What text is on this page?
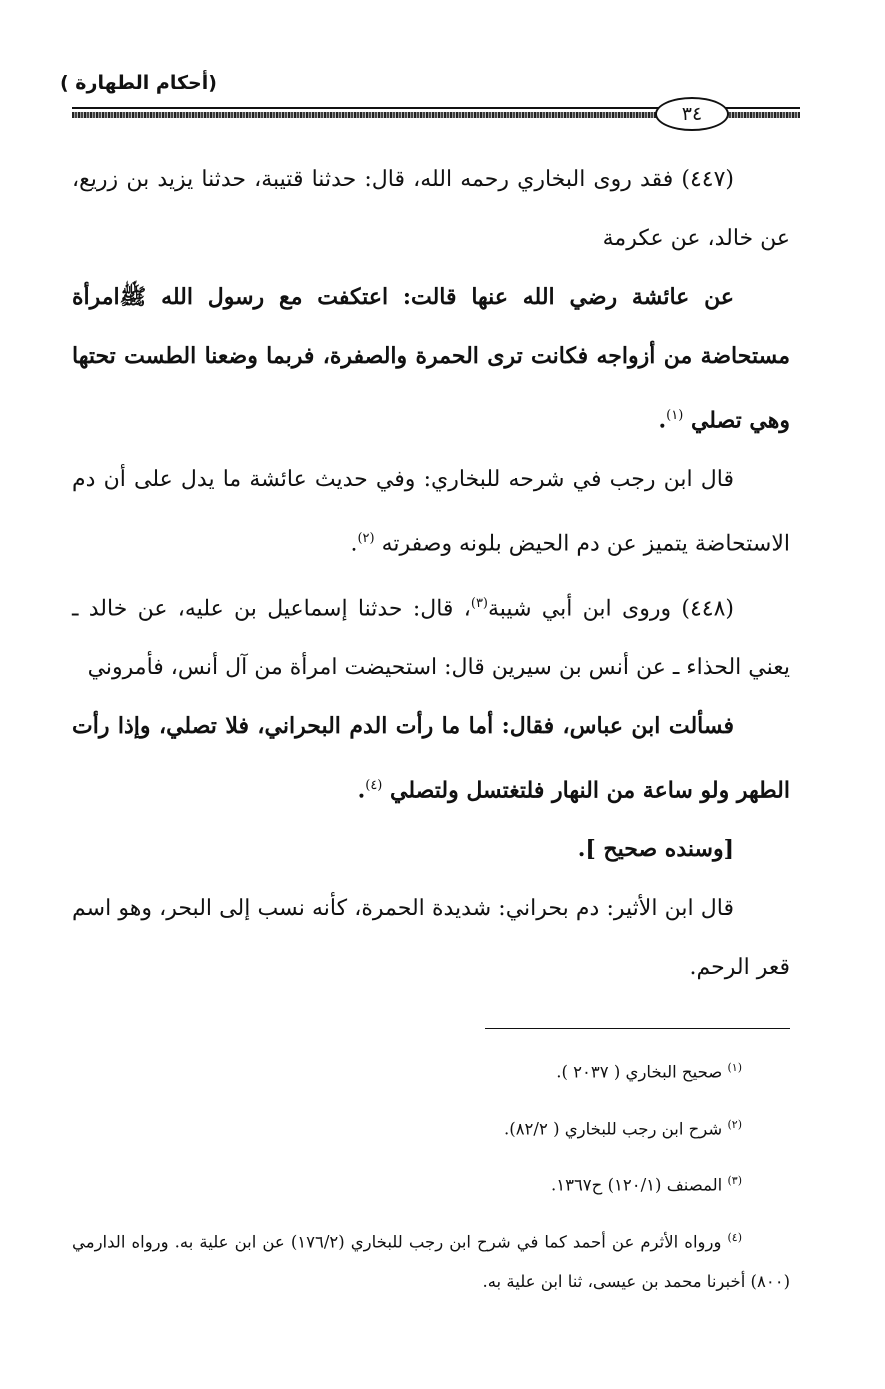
(أحكام الطهارة )
٣٤

(٤٤٧) فقد روى البخاري رحمه الله، قال: حدثنا قتيبة، حدثنا يزيد بن زريع، عن خالد، عن عكرمة

عن عائشة رضي الله عنها قالت: اعتكفت مع رسول الله ﷺامرأة مستحاضة من أزواجه فكانت ترى الحمرة والصفرة، فربما وضعنا الطست تحتها وهي تصلي $^{(١)}$.

قال ابن رجب في شرحه للبخاري: وفي حديث عائشة ما يدل على أن دم الاستحاضة يتميز عن دم الحيض بلونه وصفرته $^{(٢)}$.

(٤٤٨) وروى ابن أبي شيبة$^{(٣)}$، قال: حدثنا إسماعيل بن عليه، عن خالد ـ يعني الحذاء ـ عن أنس بن سيرين قال: استحيضت امرأة من آل أنس، فأمروني

فسألت ابن عباس، فقال: أما ما رأت الدم البحراني، فلا تصلي، وإذا رأت الطهر ولو ساعة من النهار فلتغتسل ولتصلي $^{(٤)}$.

[وسنده صحيح ].

قال ابن الأثير: دم بحراني: شديدة الحمرة، كأنه نسب إلى البحر، وهو اسم قعر الرحم.

$^{(١)}$ صحيح البخاري ( ٢٠٣٧ ).

$^{(٢)}$ شرح ابن رجب للبخاري ( ٨٢/٢).

$^{(٣)}$ المصنف (١٢٠/١) ح١٣٦٧.

$^{(٤)}$ ورواه الأثرم عن أحمد كما في شرح ابن رجب للبخاري (١٧٦/٢) عن ابن علية به. ورواه الدارمي (٨٠٠) أخبرنا محمد بن عيسى، ثنا ابن علية به.
